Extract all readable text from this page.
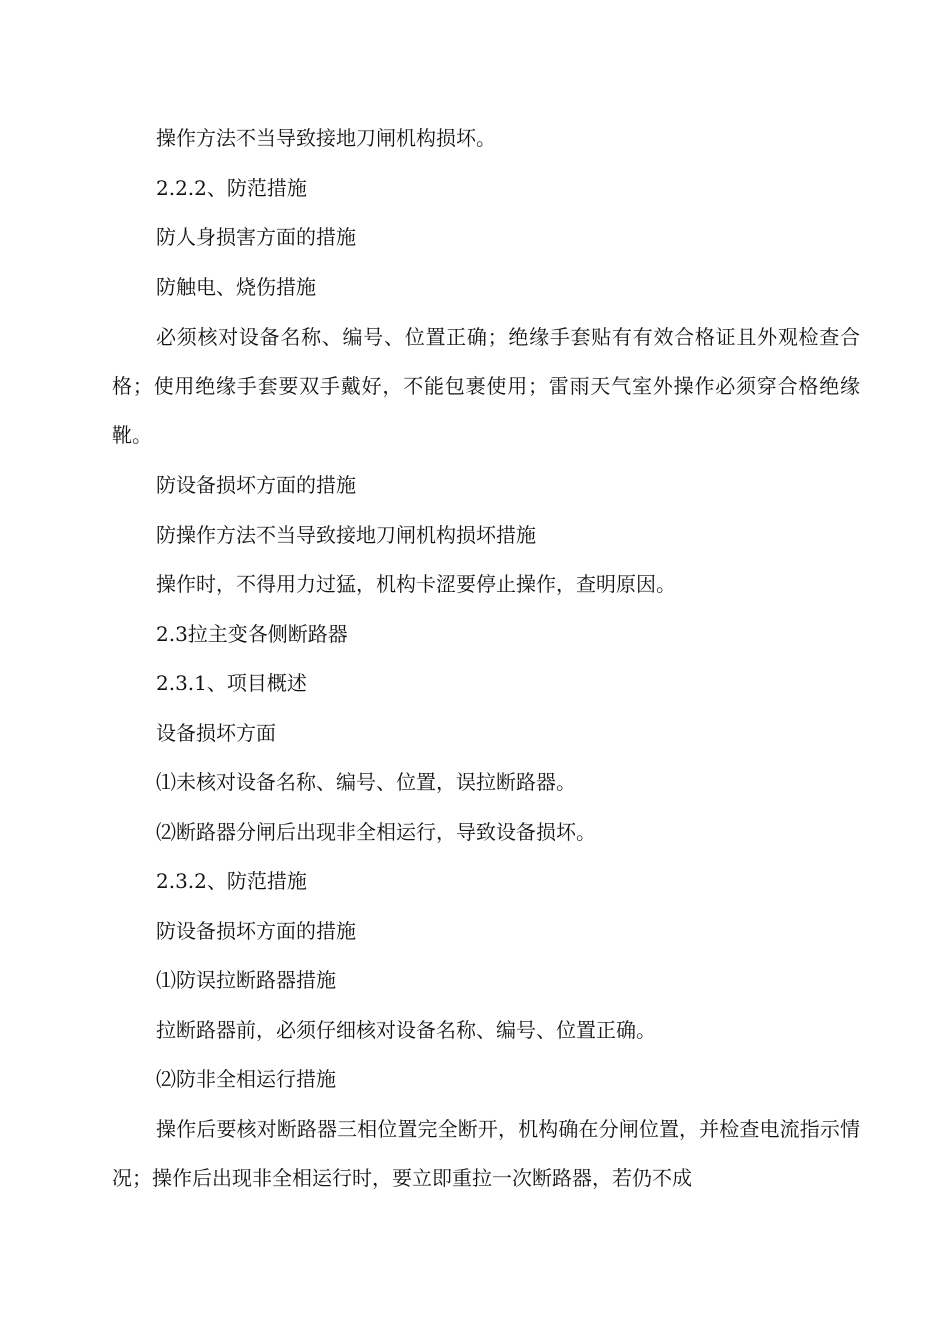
操作方法不当导致接地刀闸机构损坏。

2.2.2、防范措施

防人身损害方面的措施

防触电、烧伤措施

必须核对设备名称、编号、位置正确；绝缘手套贴有有效合格证且外观检查合格；使用绝缘手套要双手戴好，不能包裹使用；雷雨天气室外操作必须穿合格绝缘靴。

防设备损坏方面的措施

防操作方法不当导致接地刀闸机构损坏措施

操作时，不得用力过猛，机构卡涩要停止操作，查明原因。

2.3拉主变各侧断路器

2.3.1、项目概述

设备损坏方面

⑴未核对设备名称、编号、位置，误拉断路器。

⑵断路器分闸后出现非全相运行，导致设备损坏。

2.3.2、防范措施

防设备损坏方面的措施

⑴防误拉断路器措施

拉断路器前，必须仔细核对设备名称、编号、位置正确。

⑵防非全相运行措施

操作后要核对断路器三相位置完全断开，机构确在分闸位置，并检查电流指示情况；操作后出现非全相运行时，要立即重拉一次断路器，若仍不成
